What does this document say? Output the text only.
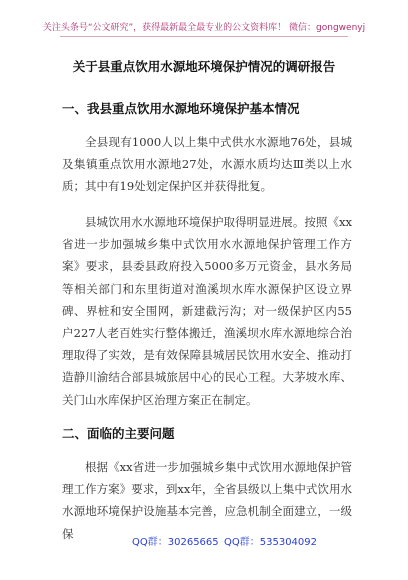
关注头条号“公文研究”，获得最新最全最专业的公文资料库！ 微信：gongwenyj
关于县重点饮用水源地环境保护情况的调研报告
一、我县重点饮用水源地环境保护基本情况
全县现有1000人以上集中式供水水源地76处，县城及集镇重点饮用水源地27处，水源水质均达Ⅲ类以上水质；其中有19处划定保护区并获得批复。
县城饮用水水源地环境保护取得明显进展。按照《xx省进一步加强城乡集中式饮用水水源地保护管理工作方案》要求，县委县政府投入5000多万元资金，县水务局等相关部门和东里街道对渔溪坝水库水源保护区设立界碑、界桩和安全围网，新建截污沟；对一级保护区内55户227人老百姓实行整体搬迁，渔溪坝水库水源地综合治理取得了实效，是有效保障县城居民饮用水安全、推动打造静川渝结合部县城旅居中心的民心工程。大茅坡水库、关门山水库保护区治理方案正在制定。
二、面临的主要问题
根据《xx省进一步加强城乡集中式饮用水源地保护管理工作方案》要求，到xx年，全省县级以上集中式饮用水水源地环境保护设施基本完善，应急机制全面建立，一级保
QQ群：30265665 QQ群：535304092
